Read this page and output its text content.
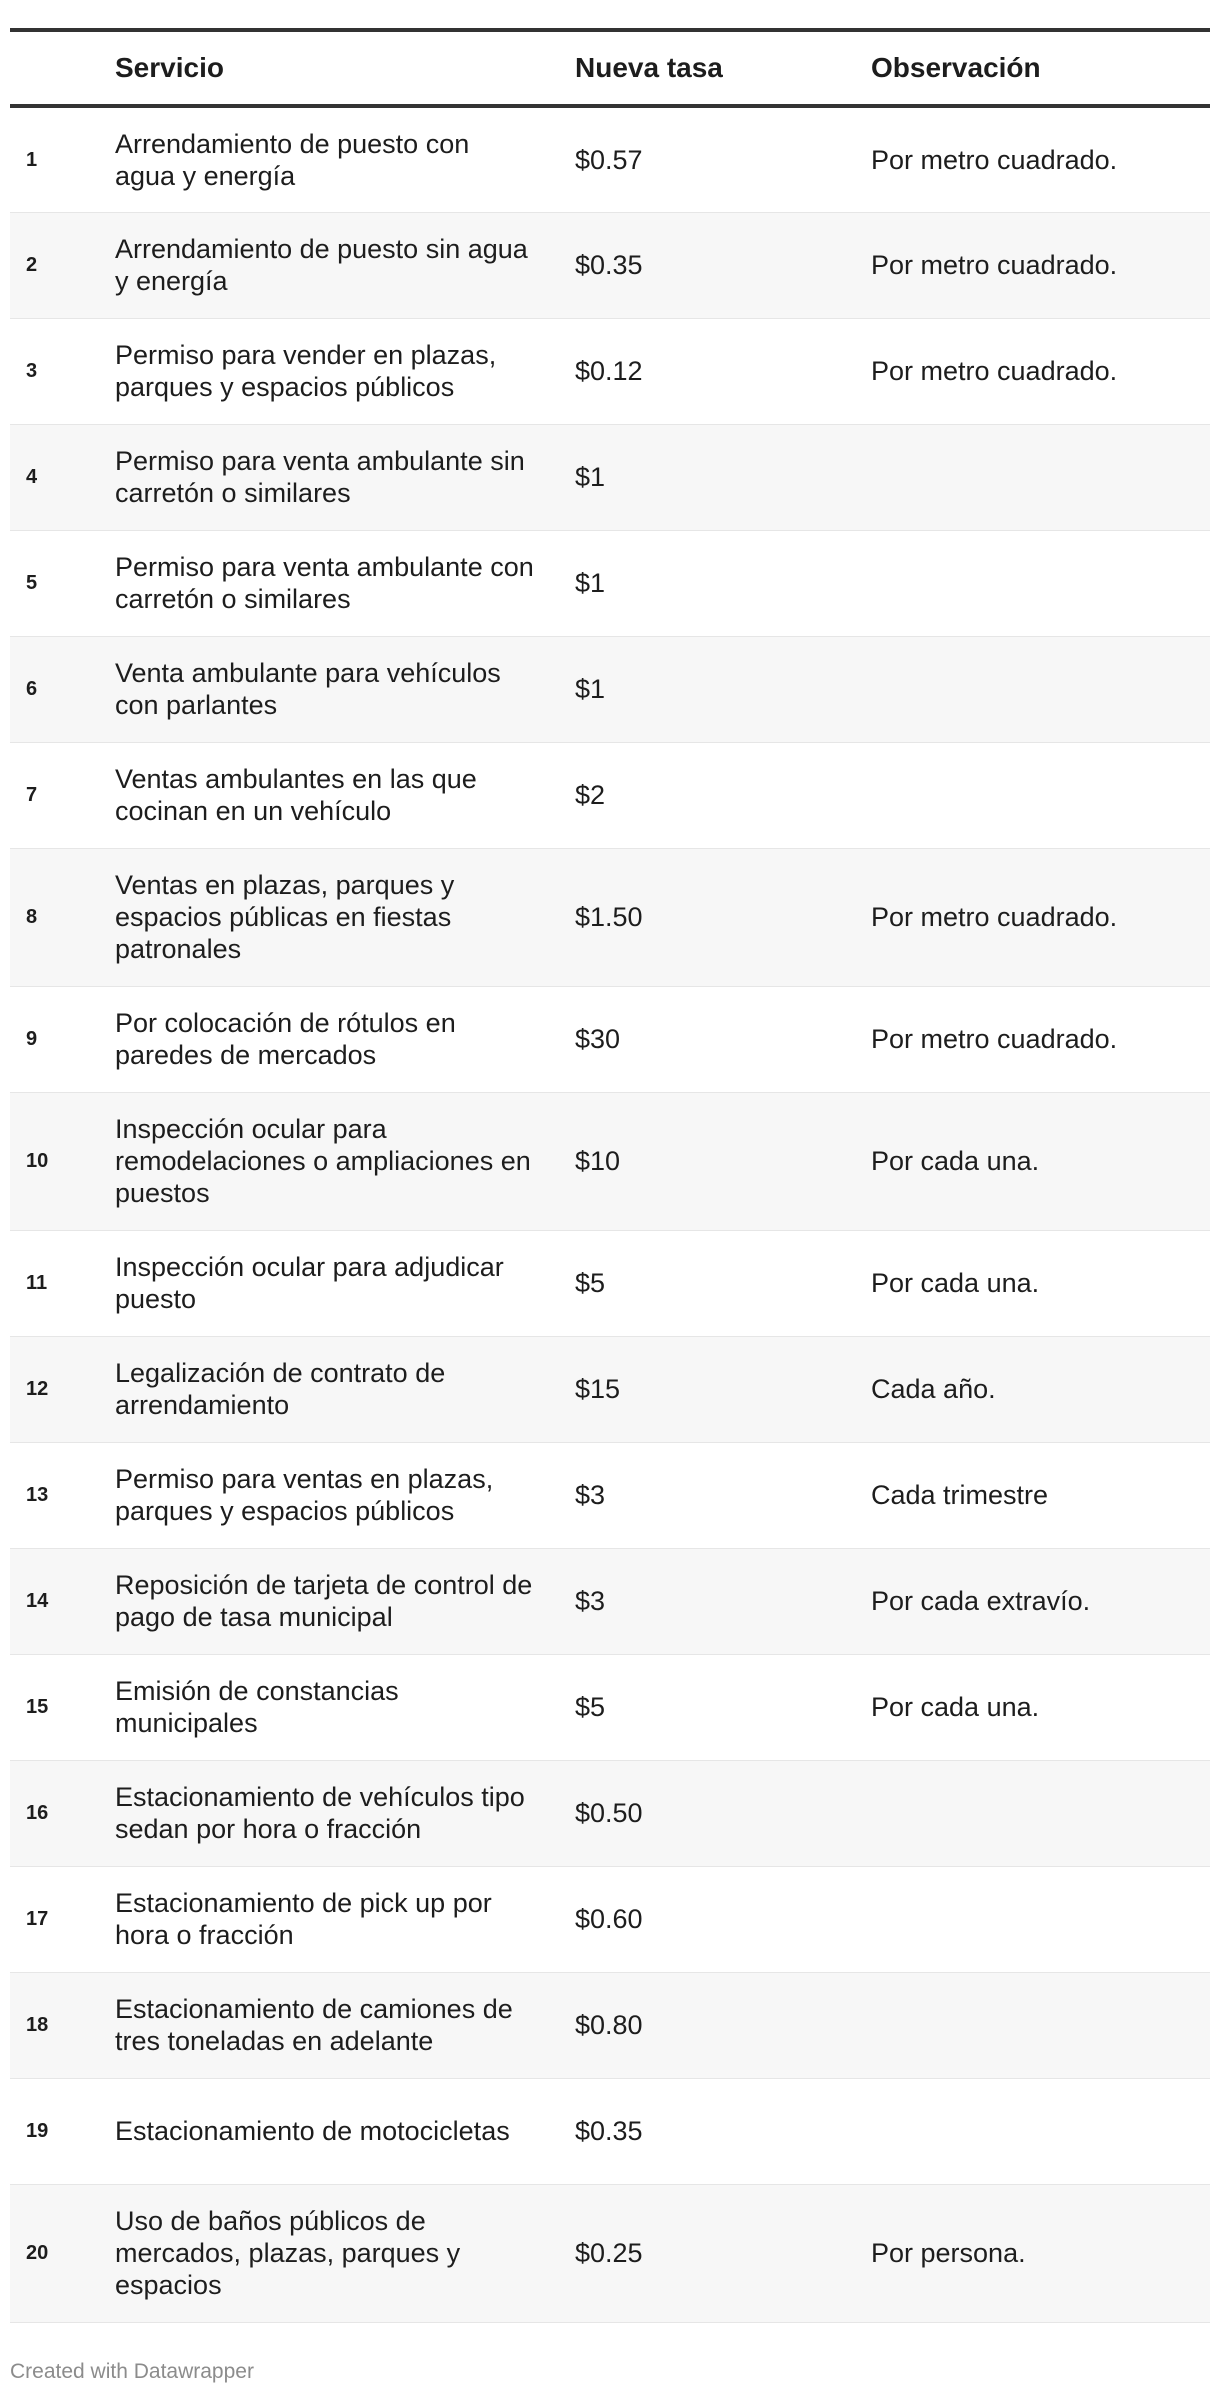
	Servicio	Nueva tasa	Observación

1	Arrendamiento de puesto con agua y energía	$0.57	Por metro cuadrado.

2	Arrendamiento de puesto sin agua y energía	$0.35	Por metro cuadrado.

3	Permiso para vender en plazas, parques y espacios públicos	$0.12	Por metro cuadrado.

4	Permiso para venta ambulante sin carretón o similares	$1	

5	Permiso para venta ambulante con carretón o similares	$1	

6	Venta ambulante para vehículos con parlantes	$1	

7	Ventas ambulantes en las que cocinan en un vehículo	$2	

8	Ventas en plazas, parques y espacios públicas en fiestas patronales	$1.50	Por metro cuadrado.

9	Por colocación de rótulos en paredes de mercados	$30	Por metro cuadrado.

10	Inspección ocular para remodelaciones o ampliaciones en puestos	$10	Por cada una.

11	Inspección ocular para adjudicar puesto	$5	Por cada una.

12	Legalización de contrato de arrendamiento	$15	Cada año.

13	Permiso para ventas en plazas, parques y espacios públicos	$3	Cada trimestre

14	Reposición de tarjeta de control de pago de tasa municipal	$3	Por cada extravío.

15	Emisión de constancias municipales	$5	Por cada una.

16	Estacionamiento de vehículos tipo sedan por hora o fracción	$0.50	

17	Estacionamiento de pick up por hora o fracción	$0.60	

18	Estacionamiento de camiones de tres toneladas en adelante	$0.80	

19	Estacionamiento de motocicletas	$0.35	

20	Uso de baños públicos de mercados, plazas, parques y espacios	$0.25	Por persona.
Created with Datawrapper
